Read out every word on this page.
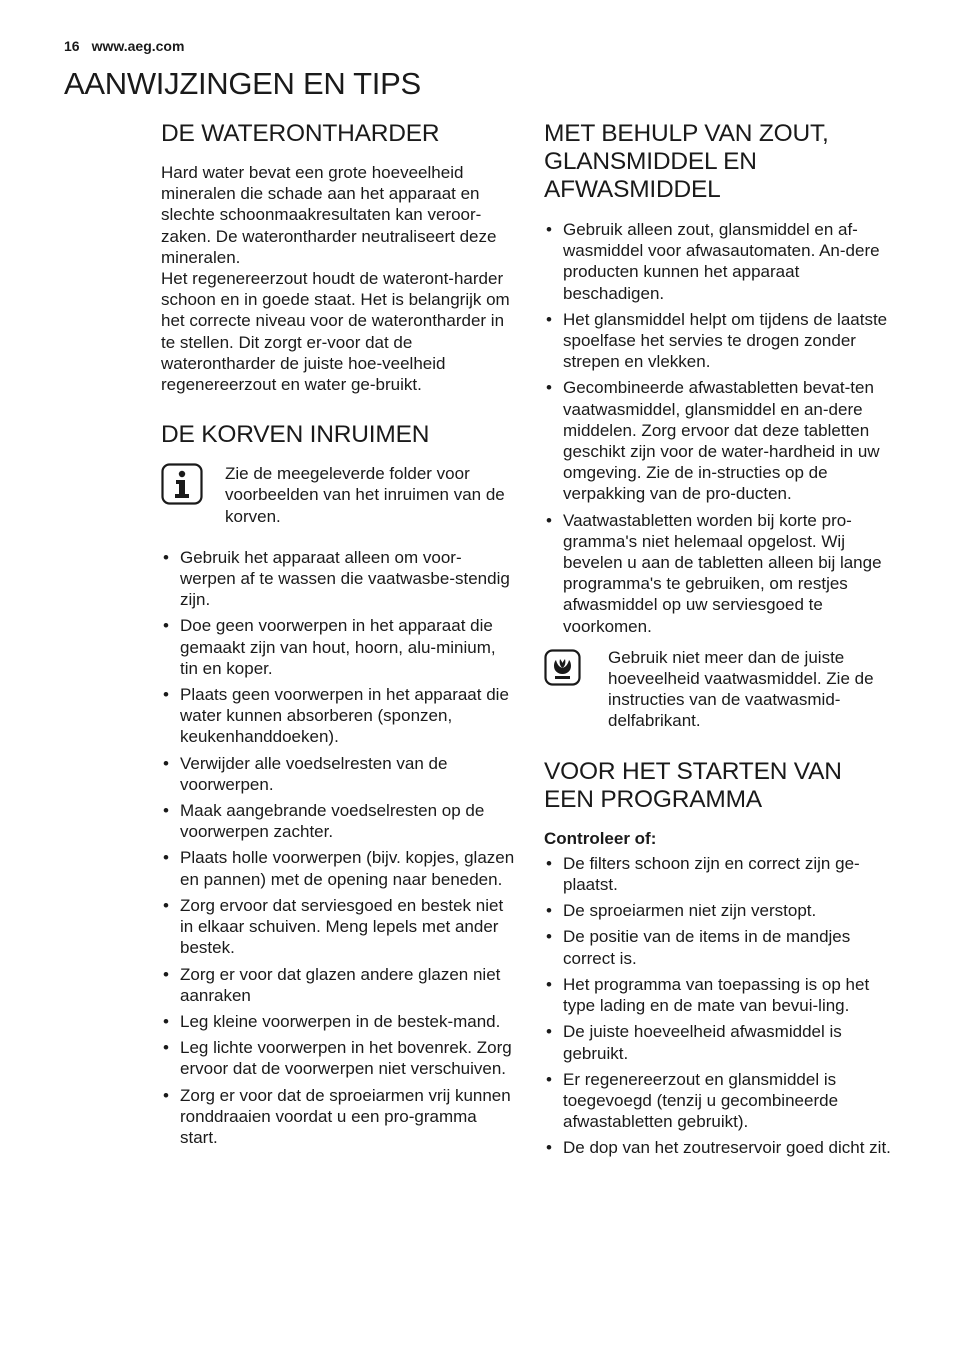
16 www.aeg.com
AANWIJZINGEN EN TIPS
DE WATERONTHARDER

Hard water bevat een grote hoeveelheid mineralen die schade aan het apparaat en slechte schoonmaakresultaten kan veroor-zaken. De waterontharder neutraliseert deze mineralen.

Het regenereerzout houdt de wateront-harder schoon en in goede staat. Het is belangrijk om het correcte niveau voor de waterontharder in te stellen. Dit zorgt er-voor dat de waterontharder de juiste hoe-veelheid regenereerzout en water ge-bruikt.

DE KORVEN INRUIMEN

Zie de meegeleverde folder voor voorbeelden van het inruimen van de korven.

• Gebruik het apparaat alleen om voor-werpen af te wassen die vaatwasbe-stendig zijn.
• Doe geen voorwerpen in het apparaat die gemaakt zijn van hout, hoorn, alu-minium, tin en koper.
• Plaats geen voorwerpen in het apparaat die water kunnen absorberen (sponzen, keukenhanddoeken).
• Verwijder alle voedselresten van de voorwerpen.
• Maak aangebrande voedselresten op de voorwerpen zachter.
• Plaats holle voorwerpen (bijv. kopjes, glazen en pannen) met de opening naar beneden.
• Zorg ervoor dat serviesgoed en bestek niet in elkaar schuiven. Meng lepels met ander bestek.
• Zorg er voor dat glazen andere glazen niet aanraken
• Leg kleine voorwerpen in de bestek-mand.
• Leg lichte voorwerpen in het bovenrek. Zorg ervoor dat de voorwerpen niet verschuiven.
• Zorg er voor dat de sproeiarmen vrij kunnen ronddraaien voordat u een pro-gramma start.
MET BEHULP VAN ZOUT,
GLANSMIDDEL EN
AFWASMIDDEL
• Gebruik alleen zout, glansmiddel en af-wasmiddel voor afwasautomaten. An-dere producten kunnen het apparaat beschadigen.
• Het glansmiddel helpt om tijdens de laatste spoelfase het servies te drogen zonder strepen en vlekken.
• Gecombineerde afwastabletten bevat-ten vaatwasmiddel, glansmiddel en an-dere middelen. Zorg ervoor dat deze tabletten geschikt zijn voor de water-hardheid in uw omgeving. Zie de in-structies op de verpakking van de pro-ducten.
• Vaatwastabletten worden bij korte pro-gramma's niet helemaal opgelost. Wij bevelen u aan de tabletten alleen bij lange programma's te gebruiken, om restjes afwasmiddel op uw serviesgoed te voorkomen.

Gebruik niet meer dan de juiste hoeveelheid vaatwasmiddel. Zie de instructies van de vaatwasmid-delfabrikant.

VOOR HET STARTEN VAN
EEN PROGRAMMA

Controleer of:

• De filters schoon zijn en correct zijn ge-plaatst.
• De sproeiarmen niet zijn verstopt.
• De positie van de items in de mandjes correct is.
• Het programma van toepassing is op het type lading en de mate van bevui-ling.
• De juiste hoeveelheid afwasmiddel is gebruikt.
• Er regenereerzout en glansmiddel is toegevoegd (tenzij u gecombineerde afwastabletten gebruikt).
• De dop van het zoutreservoir goed dicht zit.
